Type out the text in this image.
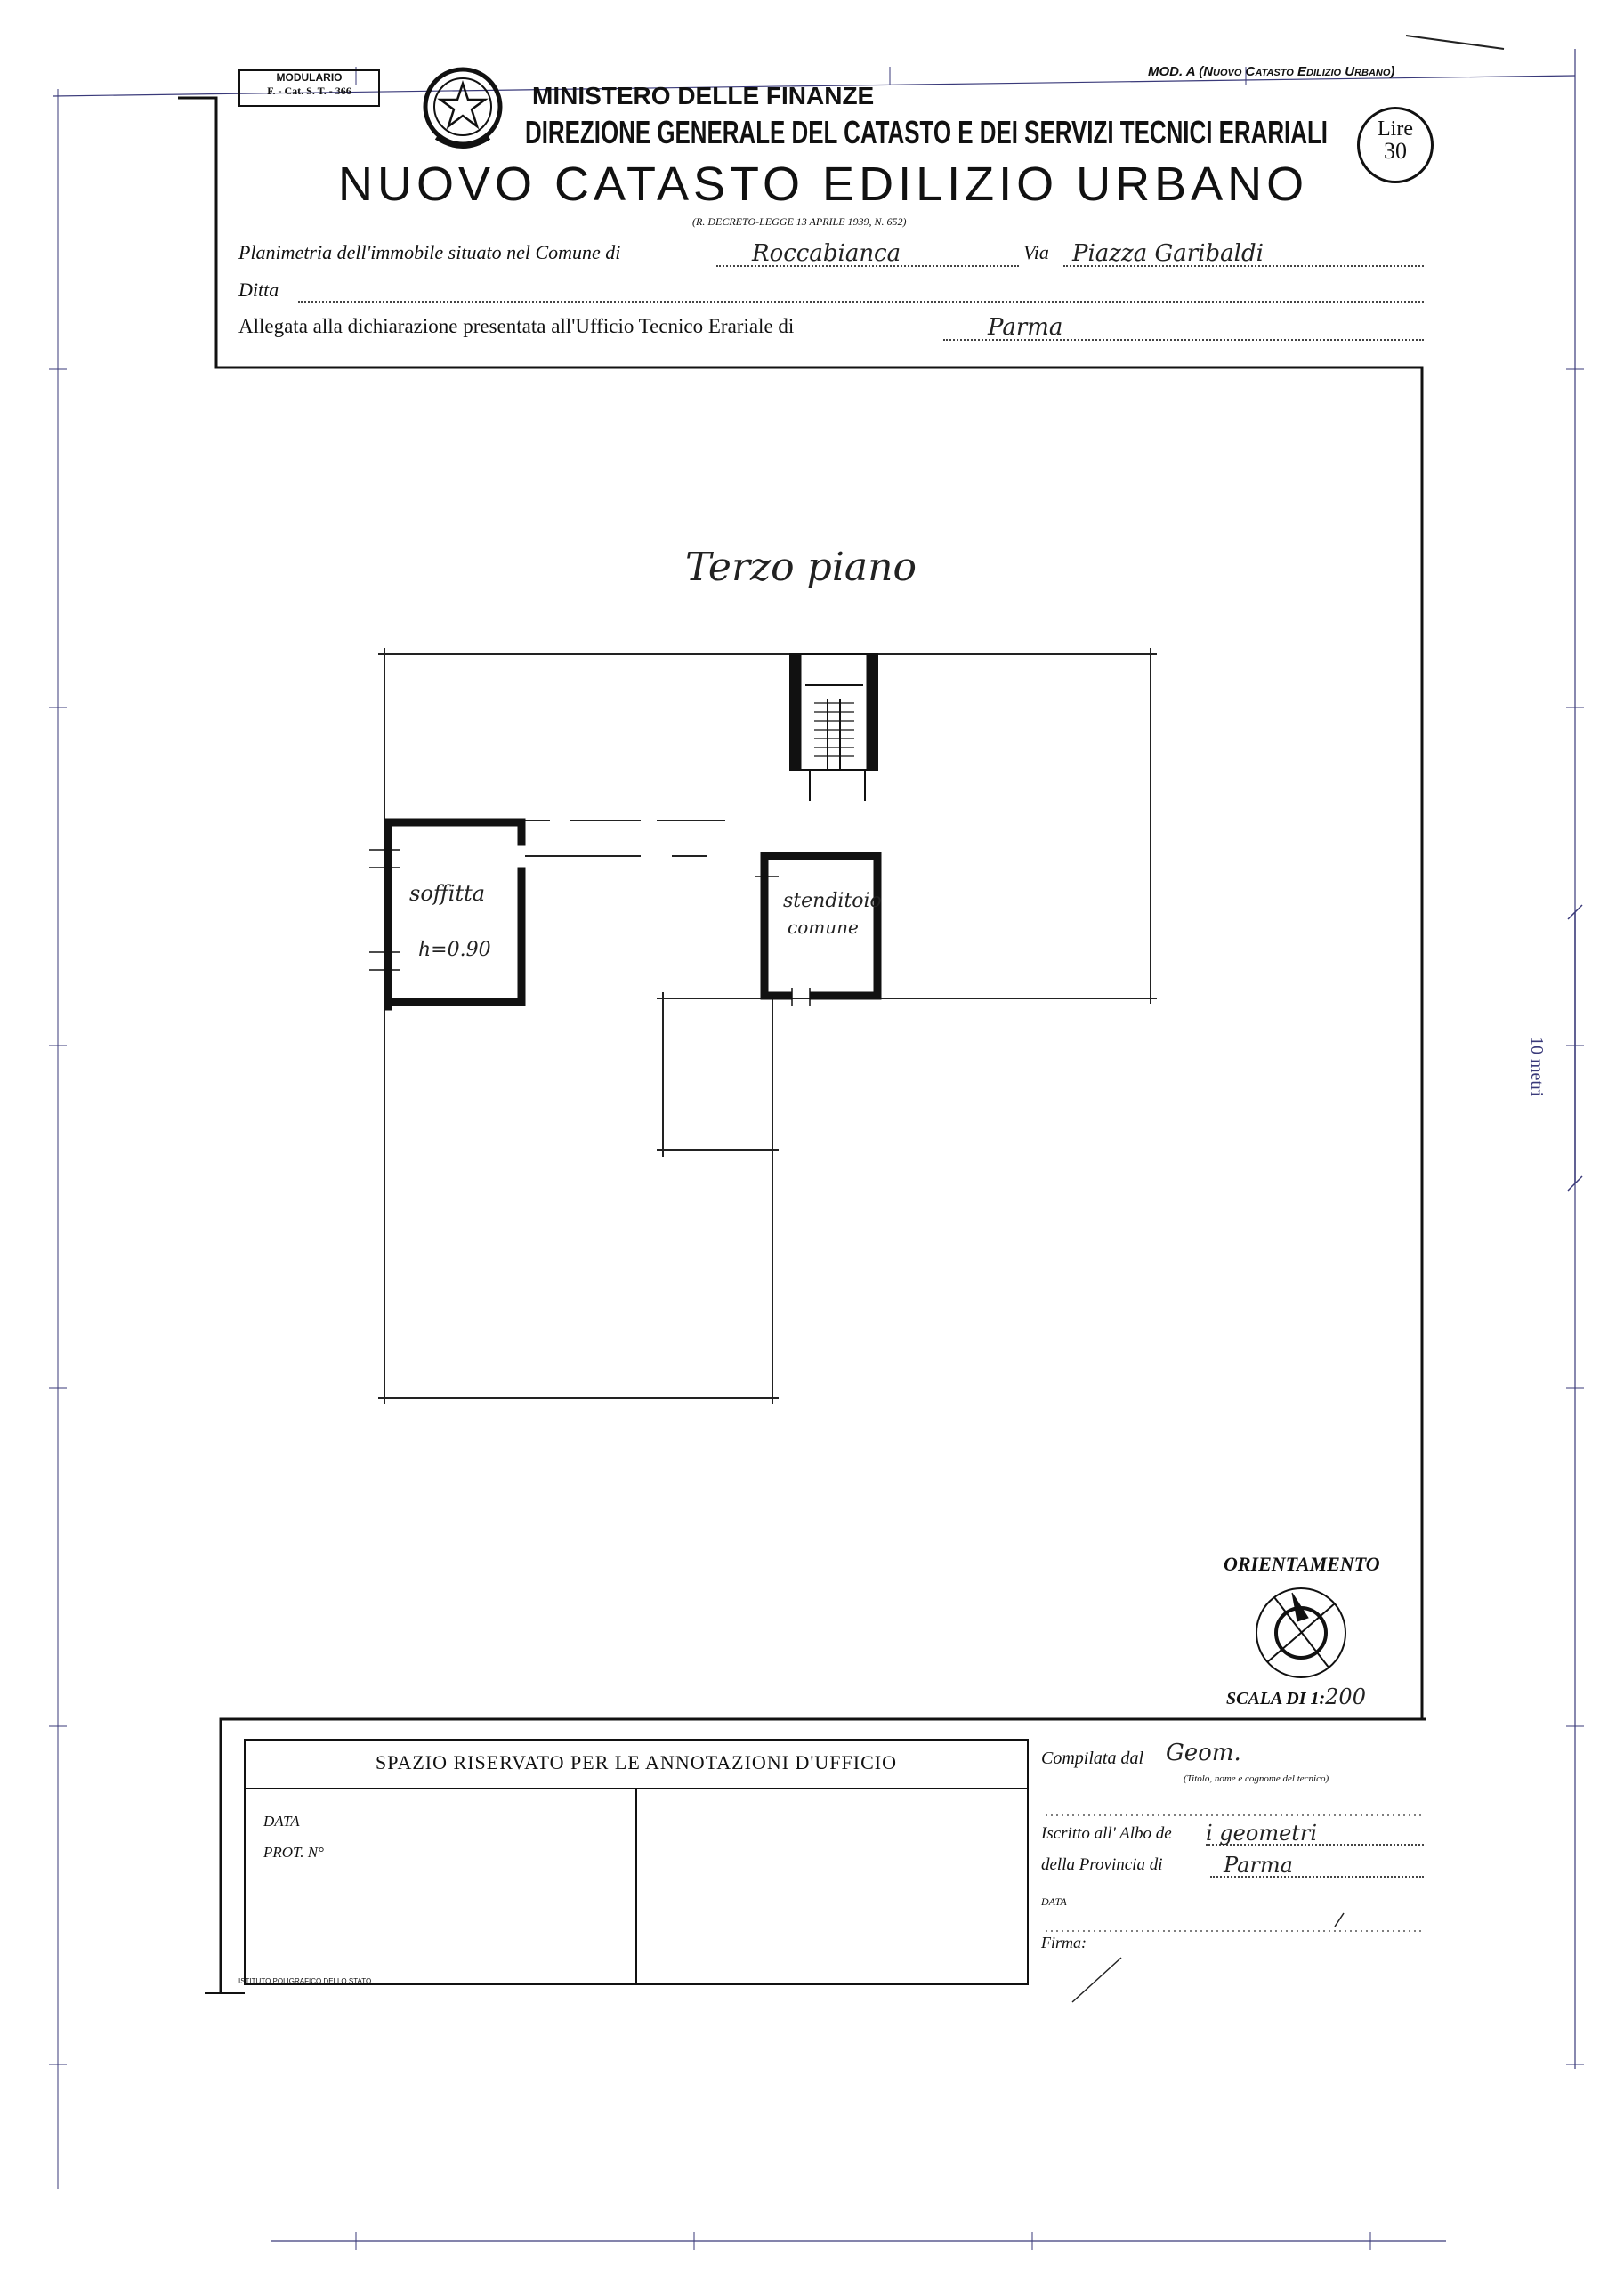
MODULARIO
F. - Cat. S. T. - 366
MOD. A (Nuovo Catasto Edilizio Urbano)
MINISTERO DELLE FINANZE
DIREZIONE GENERALE DEL CATASTO E DEI SERVIZI TECNICI ERARIALI	Lire
30
NUOVO CATASTO EDILIZIO URBANO
(R. DECRETO-LEGGE 13 APRILE 1939, N. 652)
Planimetria dell'immobile situato nel Comune di	Roccabianca	Via	Piazza Garibaldi
Ditta
Allegata alla dichiarazione presentata all'Ufficio Tecnico Erariale di	Parma
Terzo piano
soffitta
h=0.90
stenditoio
comune
10 metri
ORIENTAMENTO
SCALA DI 1:200
SPAZIO RISERVATO PER LE ANNOTAZIONI D'UFFICIO
DATA
PROT. N°
ISTITUTO POLIGRAFICO DELLO STATO
Compilata dal Geom.
(Titolo, nome e cognome del tecnico)
Iscritto all' Albo de i geometri
della Provincia di	Parma
DATA
Firma:
